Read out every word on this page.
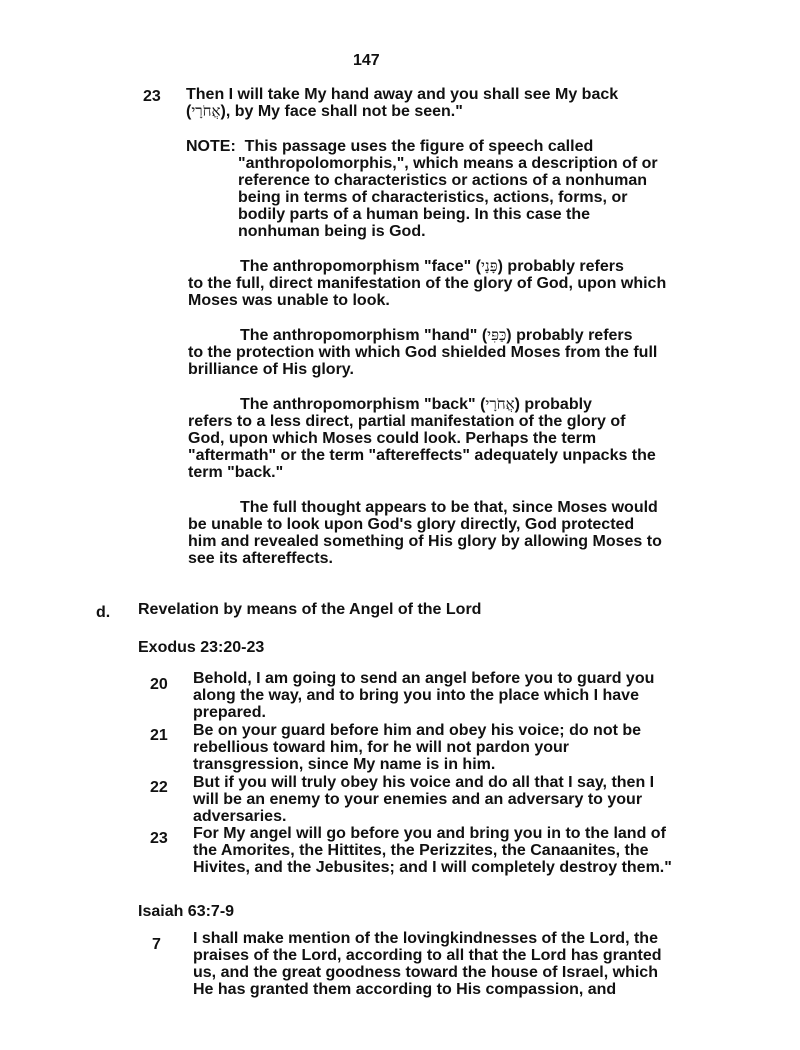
147
23 Then I will take My hand away and you shall see My back
(אֲחֹרָי), by My face shall not be seen."
NOTE: This passage uses the figure of speech called
"anthropolomorphis,", which means a description of or
reference to characteristics or actions of a nonhuman
being in terms of characteristics, actions, forms, or
bodily parts of a human being. In this case the
nonhuman being is God.
The anthropomorphism "face" (פָּנָי) probably refers
to the full, direct manifestation of the glory of God, upon which
Moses was unable to look.
The anthropomorphism "hand" (כַּפִּי) probably refers
to the protection with which God shielded Moses from the full
brilliance of His glory.
The anthropomorphism "back" (אֲחֹרָי) probably
refers to a less direct, partial manifestation of the glory of
God, upon which Moses could look. Perhaps the term
"aftermath" or the term "aftereffects" adequately unpacks the
term "back."
The full thought appears to be that, since Moses would
be unable to look upon God's glory directly, God protected
him and revealed something of His glory by allowing Moses to
see its aftereffects.
d. Revelation by means of the Angel of the Lord
Exodus 23:20-23
20	Behold, I am going to send an angel before you to guard you
along the way, and to bring you into the place which I have
prepared.
21	Be on your guard before him and obey his voice; do not be
rebellious toward him, for he will not pardon your
transgression, since My name is in him.
22	But if you will truly obey his voice and do all that I say, then I
will be an enemy to your enemies and an adversary to your
adversaries.
23	For My angel will go before you and bring you in to the land of
the Amorites, the Hittites, the Perizzites, the Canaanites, the
Hivites, and the Jebusites; and I will completely destroy them."
Isaiah 63:7-9
7	I shall make mention of the lovingkindnesses of the Lord, the
praises of the Lord, according to all that the Lord has granted
us, and the great goodness toward the house of Israel, which
He has granted them according to His compassion, and
